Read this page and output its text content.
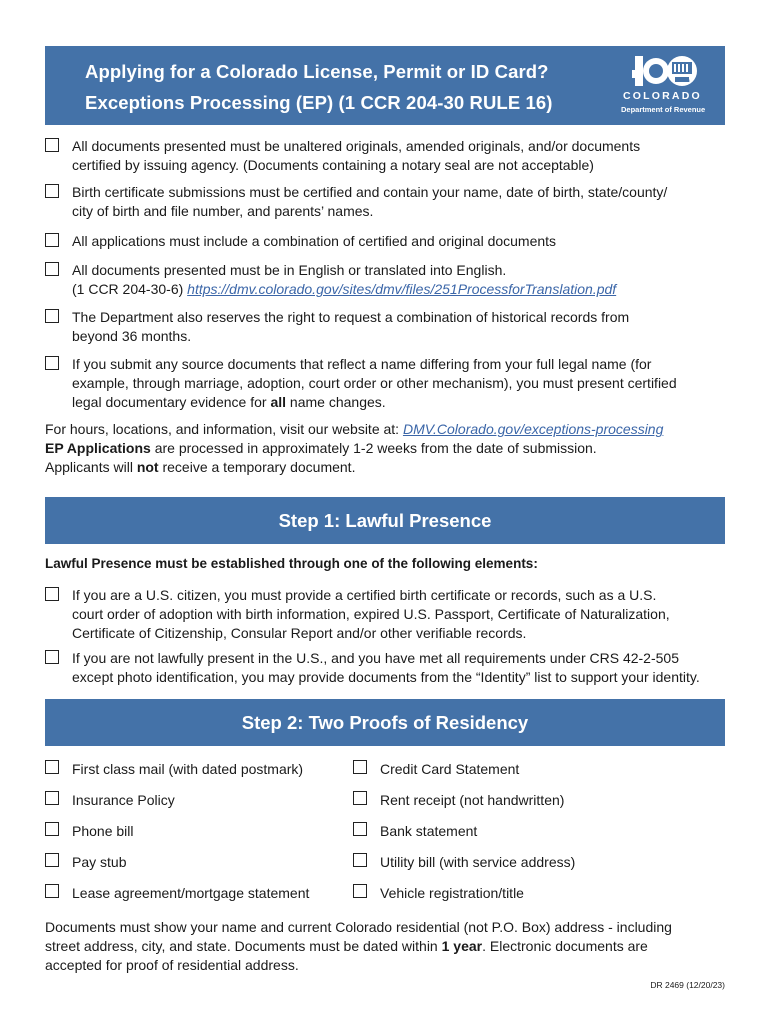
Applying for a Colorado License, Permit or ID Card?
Exceptions Processing (EP) (1 CCR 204-30 RULE 16)
CDOR
COLORADO
Department of Revenue
All documents presented must be unaltered originals, amended originals, and/or documents
certified by issuing agency. (Documents containing a notary seal are not acceptable)
Birth certificate submissions must be certified and contain your name, date of birth, state/county/
city of birth and file number, and parents’ names.
All applications must include a combination of certified and original documents
All documents presented must be in English or translated into English.
(1 CCR 204-30-6) https://dmv.colorado.gov/sites/dmv/files/251ProcessforTranslation.pdf
The Department also reserves the right to request a combination of historical records from
beyond 36 months.
If you submit any source documents that reflect a name differing from your full legal name (for
example, through marriage, adoption, court order or other mechanism), you must present certified
legal documentary evidence for all name changes.
For hours, locations, and information, visit our website at: DMV.Colorado.gov/exceptions-processing
EP Applications are processed in approximately 1-2 weeks from the date of submission.
Applicants will not receive a temporary document.
Step 1: Lawful Presence
Lawful Presence must be established through one of the following elements:
If you are a U.S. citizen, you must provide a certified birth certificate or records, such as a U.S.
court order of adoption with birth information, expired U.S. Passport, Certificate of Naturalization,
Certificate of Citizenship, Consular Report and/or other verifiable records.
If you are not lawfully present in the U.S., and you have met all requirements under CRS 42-2-505
except photo identification, you may provide documents from the “Identity” list to support your identity.
Step 2: Two Proofs of Residency
First class mail (with dated postmark)
Insurance Policy
Phone bill
Pay stub
Lease agreement/mortgage statement
Credit Card Statement
Rent receipt (not handwritten)
Bank statement
Utility bill (with service address)
Vehicle registration/title
Documents must show your name and current Colorado residential (not P.O. Box) address - including
street address, city, and state. Documents must be dated within 1 year. Electronic documents are
accepted for proof of residential address.
DR 2469 (12/20/23)
